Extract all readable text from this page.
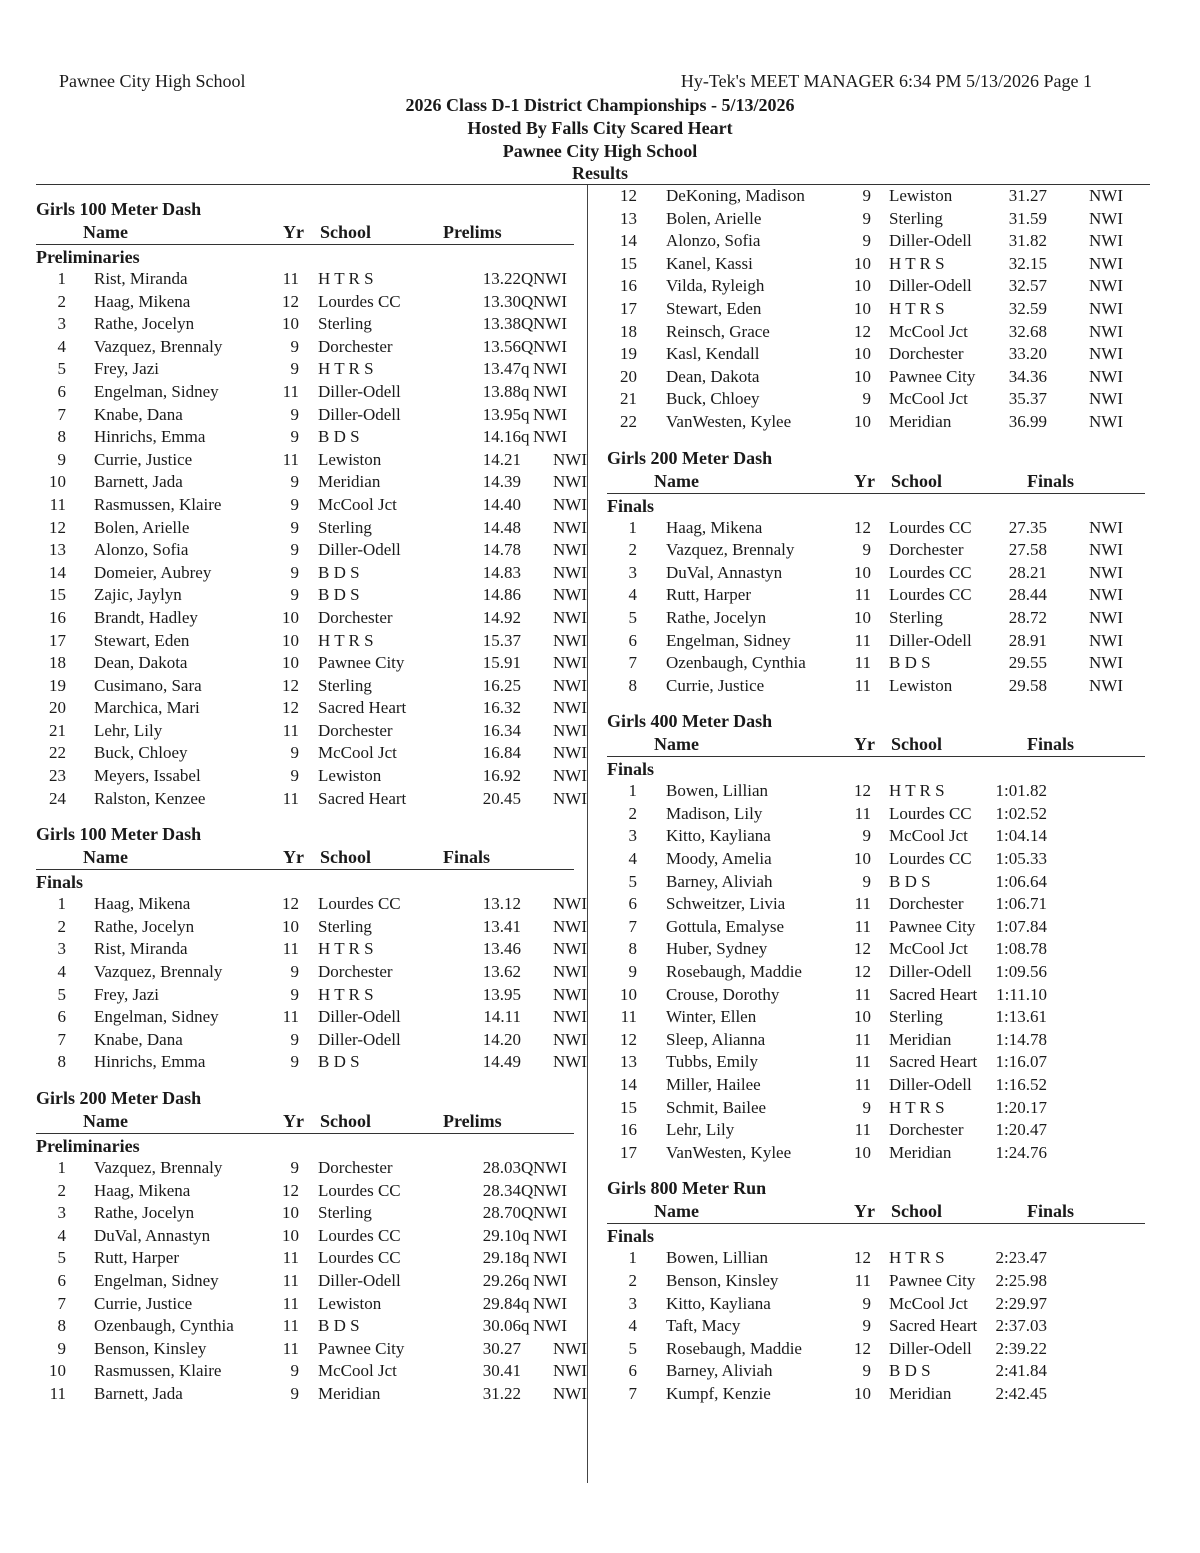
Pawnee City High School	Hy-Tek's MEET MANAGER 6:34 PM 5/13/2026 Page 1
2026 Class D-1 District Championships - 5/13/2026
Hosted By Falls City Scared Heart
Pawnee City High School
Results
Girls 100 Meter Dash
Name	Yr School	Prelims
Preliminaries
1 Rist, Miranda	11 H T R S	13.22 Q NWI
2 Haag, Mikena	12 Lourdes CC	13.30 Q NWI
3 Rathe, Jocelyn	10 Sterling	13.38 Q NWI
4 Vazquez, Brennaly	9 Dorchester	13.56 Q NWI
5 Frey, Jazi	9 H T R S	13.47 q NWI
6 Engelman, Sidney	11 Diller-Odell	13.88 q NWI
7 Knabe, Dana	9 Diller-Odell	13.95 q NWI
8 Hinrichs, Emma	9 B D S	14.16 q NWI
9 Currie, Justice	11 Lewiston	14.21 NWI
10 Barnett, Jada	9 Meridian	14.39 NWI
11 Rasmussen, Klaire	9 McCool Jct	14.40 NWI
12 Bolen, Arielle	9 Sterling	14.48 NWI
13 Alonzo, Sofia	9 Diller-Odell	14.78 NWI
14 Domeier, Aubrey	9 B D S	14.83 NWI
15 Zajic, Jaylyn	9 B D S	14.86 NWI
16 Brandt, Hadley	10 Dorchester	14.92 NWI
17 Stewart, Eden	10 H T R S	15.37 NWI
18 Dean, Dakota	10 Pawnee City	15.91 NWI
19 Cusimano, Sara	12 Sterling	16.25 NWI
20 Marchica, Mari	12 Sacred Heart	16.32 NWI
21 Lehr, Lily	11 Dorchester	16.34 NWI
22 Buck, Chloey	9 McCool Jct	16.84 NWI
23 Meyers, Issabel	9 Lewiston	16.92 NWI
24 Ralston, Kenzee	11 Sacred Heart	20.45 NWI
Girls 100 Meter Dash
Name	Yr School	Finals
Finals
1 Haag, Mikena	12 Lourdes CC	13.12 NWI
2 Rathe, Jocelyn	10 Sterling	13.41 NWI
3 Rist, Miranda	11 H T R S	13.46 NWI
4 Vazquez, Brennaly	9 Dorchester	13.62 NWI
5 Frey, Jazi	9 H T R S	13.95 NWI
6 Engelman, Sidney	11 Diller-Odell	14.11 NWI
7 Knabe, Dana	9 Diller-Odell	14.20 NWI
8 Hinrichs, Emma	9 B D S	14.49 NWI
Girls 200 Meter Dash
Name	Yr School	Prelims
Preliminaries
1 Vazquez, Brennaly	9 Dorchester	28.03 Q NWI
2 Haag, Mikena	12 Lourdes CC	28.34 Q NWI
3 Rathe, Jocelyn	10 Sterling	28.70 Q NWI
4 DuVal, Annastyn	10 Lourdes CC	29.10 q NWI
5 Rutt, Harper	11 Lourdes CC	29.18 q NWI
6 Engelman, Sidney	11 Diller-Odell	29.26 q NWI
7 Currie, Justice	11 Lewiston	29.84 q NWI
8 Ozenbaugh, Cynthia	11 B D S	30.06 q NWI
9 Benson, Kinsley	11 Pawnee City	30.27 NWI
10 Rasmussen, Klaire	9 McCool Jct	30.41 NWI
11 Barnett, Jada	9 Meridian	31.22 NWI
12 DeKoning, Madison	9 Lewiston	31.27 NWI
13 Bolen, Arielle	9 Sterling	31.59 NWI
14 Alonzo, Sofia	9 Diller-Odell	31.82 NWI
15 Kanel, Kassi	10 H T R S	32.15 NWI
16 Vilda, Ryleigh	10 Diller-Odell	32.57 NWI
17 Stewart, Eden	10 H T R S	32.59 NWI
18 Reinsch, Grace	12 McCool Jct	32.68 NWI
19 Kasl, Kendall	10 Dorchester	33.20 NWI
20 Dean, Dakota	10 Pawnee City	34.36 NWI
21 Buck, Chloey	9 McCool Jct	35.37 NWI
22 VanWesten, Kylee	10 Meridian	36.99 NWI
Girls 200 Meter Dash
Name	Yr School	Finals
Finals
1 Haag, Mikena	12 Lourdes CC	27.35 NWI
2 Vazquez, Brennaly	9 Dorchester	27.58 NWI
3 DuVal, Annastyn	10 Lourdes CC	28.21 NWI
4 Rutt, Harper	11 Lourdes CC	28.44 NWI
5 Rathe, Jocelyn	10 Sterling	28.72 NWI
6 Engelman, Sidney	11 Diller-Odell	28.91 NWI
7 Ozenbaugh, Cynthia	11 B D S	29.55 NWI
8 Currie, Justice	11 Lewiston	29.58 NWI
Girls 400 Meter Dash
Name	Yr School	Finals
Finals
1 Bowen, Lillian	12 H T R S	1:01.82
2 Madison, Lily	11 Lourdes CC	1:02.52
3 Kitto, Kayliana	9 McCool Jct	1:04.14
4 Moody, Amelia	10 Lourdes CC	1:05.33
5 Barney, Aliviah	9 B D S	1:06.64
6 Schweitzer, Livia	11 Dorchester	1:06.71
7 Gottula, Emalyse	11 Pawnee City	1:07.84
8 Huber, Sydney	12 McCool Jct	1:08.78
9 Rosebaugh, Maddie	12 Diller-Odell	1:09.56
10 Crouse, Dorothy	11 Sacred Heart	1:11.10
11 Winter, Ellen	10 Sterling	1:13.61
12 Sleep, Alianna	11 Meridian	1:14.78
13 Tubbs, Emily	11 Sacred Heart	1:16.07
14 Miller, Hailee	11 Diller-Odell	1:16.52
15 Schmit, Bailee	9 H T R S	1:20.17
16 Lehr, Lily	11 Dorchester	1:20.47
17 VanWesten, Kylee	10 Meridian	1:24.76
Girls 800 Meter Run
Name	Yr School	Finals
Finals
1 Bowen, Lillian	12 H T R S	2:23.47
2 Benson, Kinsley	11 Pawnee City	2:25.98
3 Kitto, Kayliana	9 McCool Jct	2:29.97
4 Taft, Macy	9 Sacred Heart	2:37.03
5 Rosebaugh, Maddie	12 Diller-Odell	2:39.22
6 Barney, Aliviah	9 B D S	2:41.84
7 Kumpf, Kenzie	10 Meridian	2:42.45
